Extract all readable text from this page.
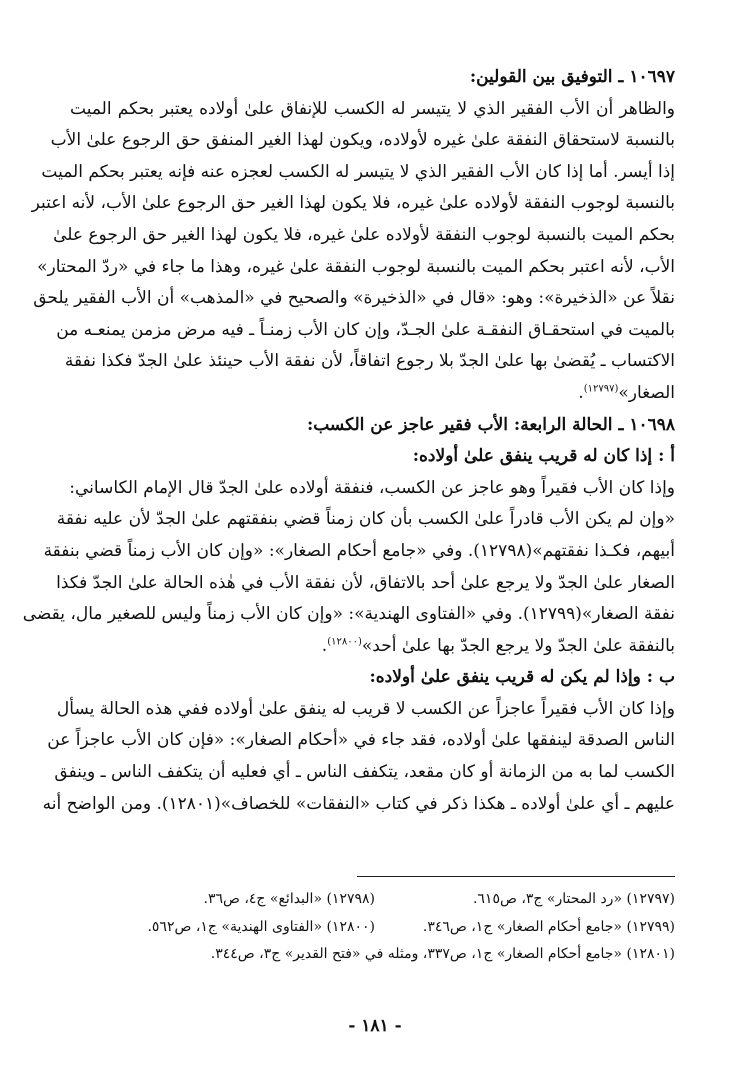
١٠٦٩٧ ـ التوفيق بين القولين:
والظاهر أن الأب الفقير الذي لا يتيسر له الكسب للإنفاق علىٰ أولاده يعتبر بحكم الميت
بالنسبة لاستحقاق النفقة علىٰ غيره لأولاده، ويكون لهذا الغير المنفق حق الرجوع علىٰ الأب
إذا أيسر. أما إذا كان الأب الفقير الذي لا يتيسر له الكسب لعجزه عنه فإنه يعتبر بحكم الميت
بالنسبة لوجوب النفقة لأولاده علىٰ غيره، فلا يكون لهذا الغير حق الرجوع علىٰ الأب، لأنه اعتبر
بحكم الميت بالنسبة لوجوب النفقة لأولاده علىٰ غيره، فلا يكون لهذا الغير حق الرجوع علىٰ
الأب، لأنه اعتبر بحكم الميت بالنسبة لوجوب النفقة علىٰ غيره، وهذا ما جاء في «ردّ المحتار»
نقلاً عن «الذخيرة»: وهو: «قال في «الذخيرة» والصحيح في «المذهب» أن الأب الفقير يلحق
بالميت في استحقـاق النفقـة علىٰ الجـدّ، وإن كان الأب زمنـاً ـ فيه مرض مزمن يمنعـه من
الاكتساب ـ يُقضىٰ بها علىٰ الجدّ بلا رجوع اتفاقاً، لأن نفقة الأب حينئذ علىٰ الجدّ فكذا نفقة
الصغار»$^{(١٢٧٩٧)}$.
١٠٦٩٨ ـ الحالة الرابعة: الأب فقير عاجز عن الكسب:
أ : إذا كان له قريب ينفق علىٰ أولاده:
وإذا كان الأب فقيراً وهو عاجز عن الكسب، فنفقة أولاده علىٰ الجدّ قال الإمام الكاساني:
«وإن لم يكن الأب قادراً علىٰ الكسب بأن كان زمناً قضي بنفقتهم علىٰ الجدّ لأن عليه نفقة
أبيهم، فكـذا نفقتهم»(١٢٧٩٨). وفي «جامع أحكام الصغار»: «وإن كان الأب زمناً قضي بنفقة
الصغار علىٰ الجدّ ولا يرجع علىٰ أحد بالاتفاق، لأن نفقة الأب في هٰذه الحالة علىٰ الجدّ فكذا
نفقة الصغار»(١٢٧٩٩). وفي «الفتاوى الهندية»: «وإن كان الأب زمناً وليس للصغير مال، يقضى
بالنفقة علىٰ الجدّ ولا يرجع الجدّ بها علىٰ أحد»$^{(١٢٨٠٠)}$.
ب : وإذا لم يكن له قريب ينفق علىٰ أولاده:
وإذا كان الأب فقيراً عاجزاً عن الكسب لا قريب له ينفق علىٰ أولاده ففي هذه الحالة يسأل
الناس الصدقة لينفقها علىٰ أولاده، فقد جاء في «أحكام الصغار»: «فإن كان الأب عاجزاً عن
الكسب لما به من الزمانة أو كان مقعد، يتكفف الناس ـ أي فعليه أن يتكفف الناس ـ وينفق
عليهم ـ أي علىٰ أولاده ـ هكذا ذكر في كتاب «النفقات» للخصاف»(١٢٨٠١). ومن الواضح أنه
(١٢٧٩٧) «رد المحتار» ج٣، ص٦١٥.
(١٢٧٩٨) «البدائع» ج٤، ص٣٦.
(١٢٧٩٩) «جامع أحكام الصغار» ج١، ص٣٤٦.
(١٢٨٠٠) «الفتاوى الهندية» ج١، ص٥٦٢.
(١٢٨٠١) «جامع أحكام الصغار» ج١، ص٣٣٧، ومثله في «فتح القدير» ج٣، ص٣٤٤.
- ١٨١ -
